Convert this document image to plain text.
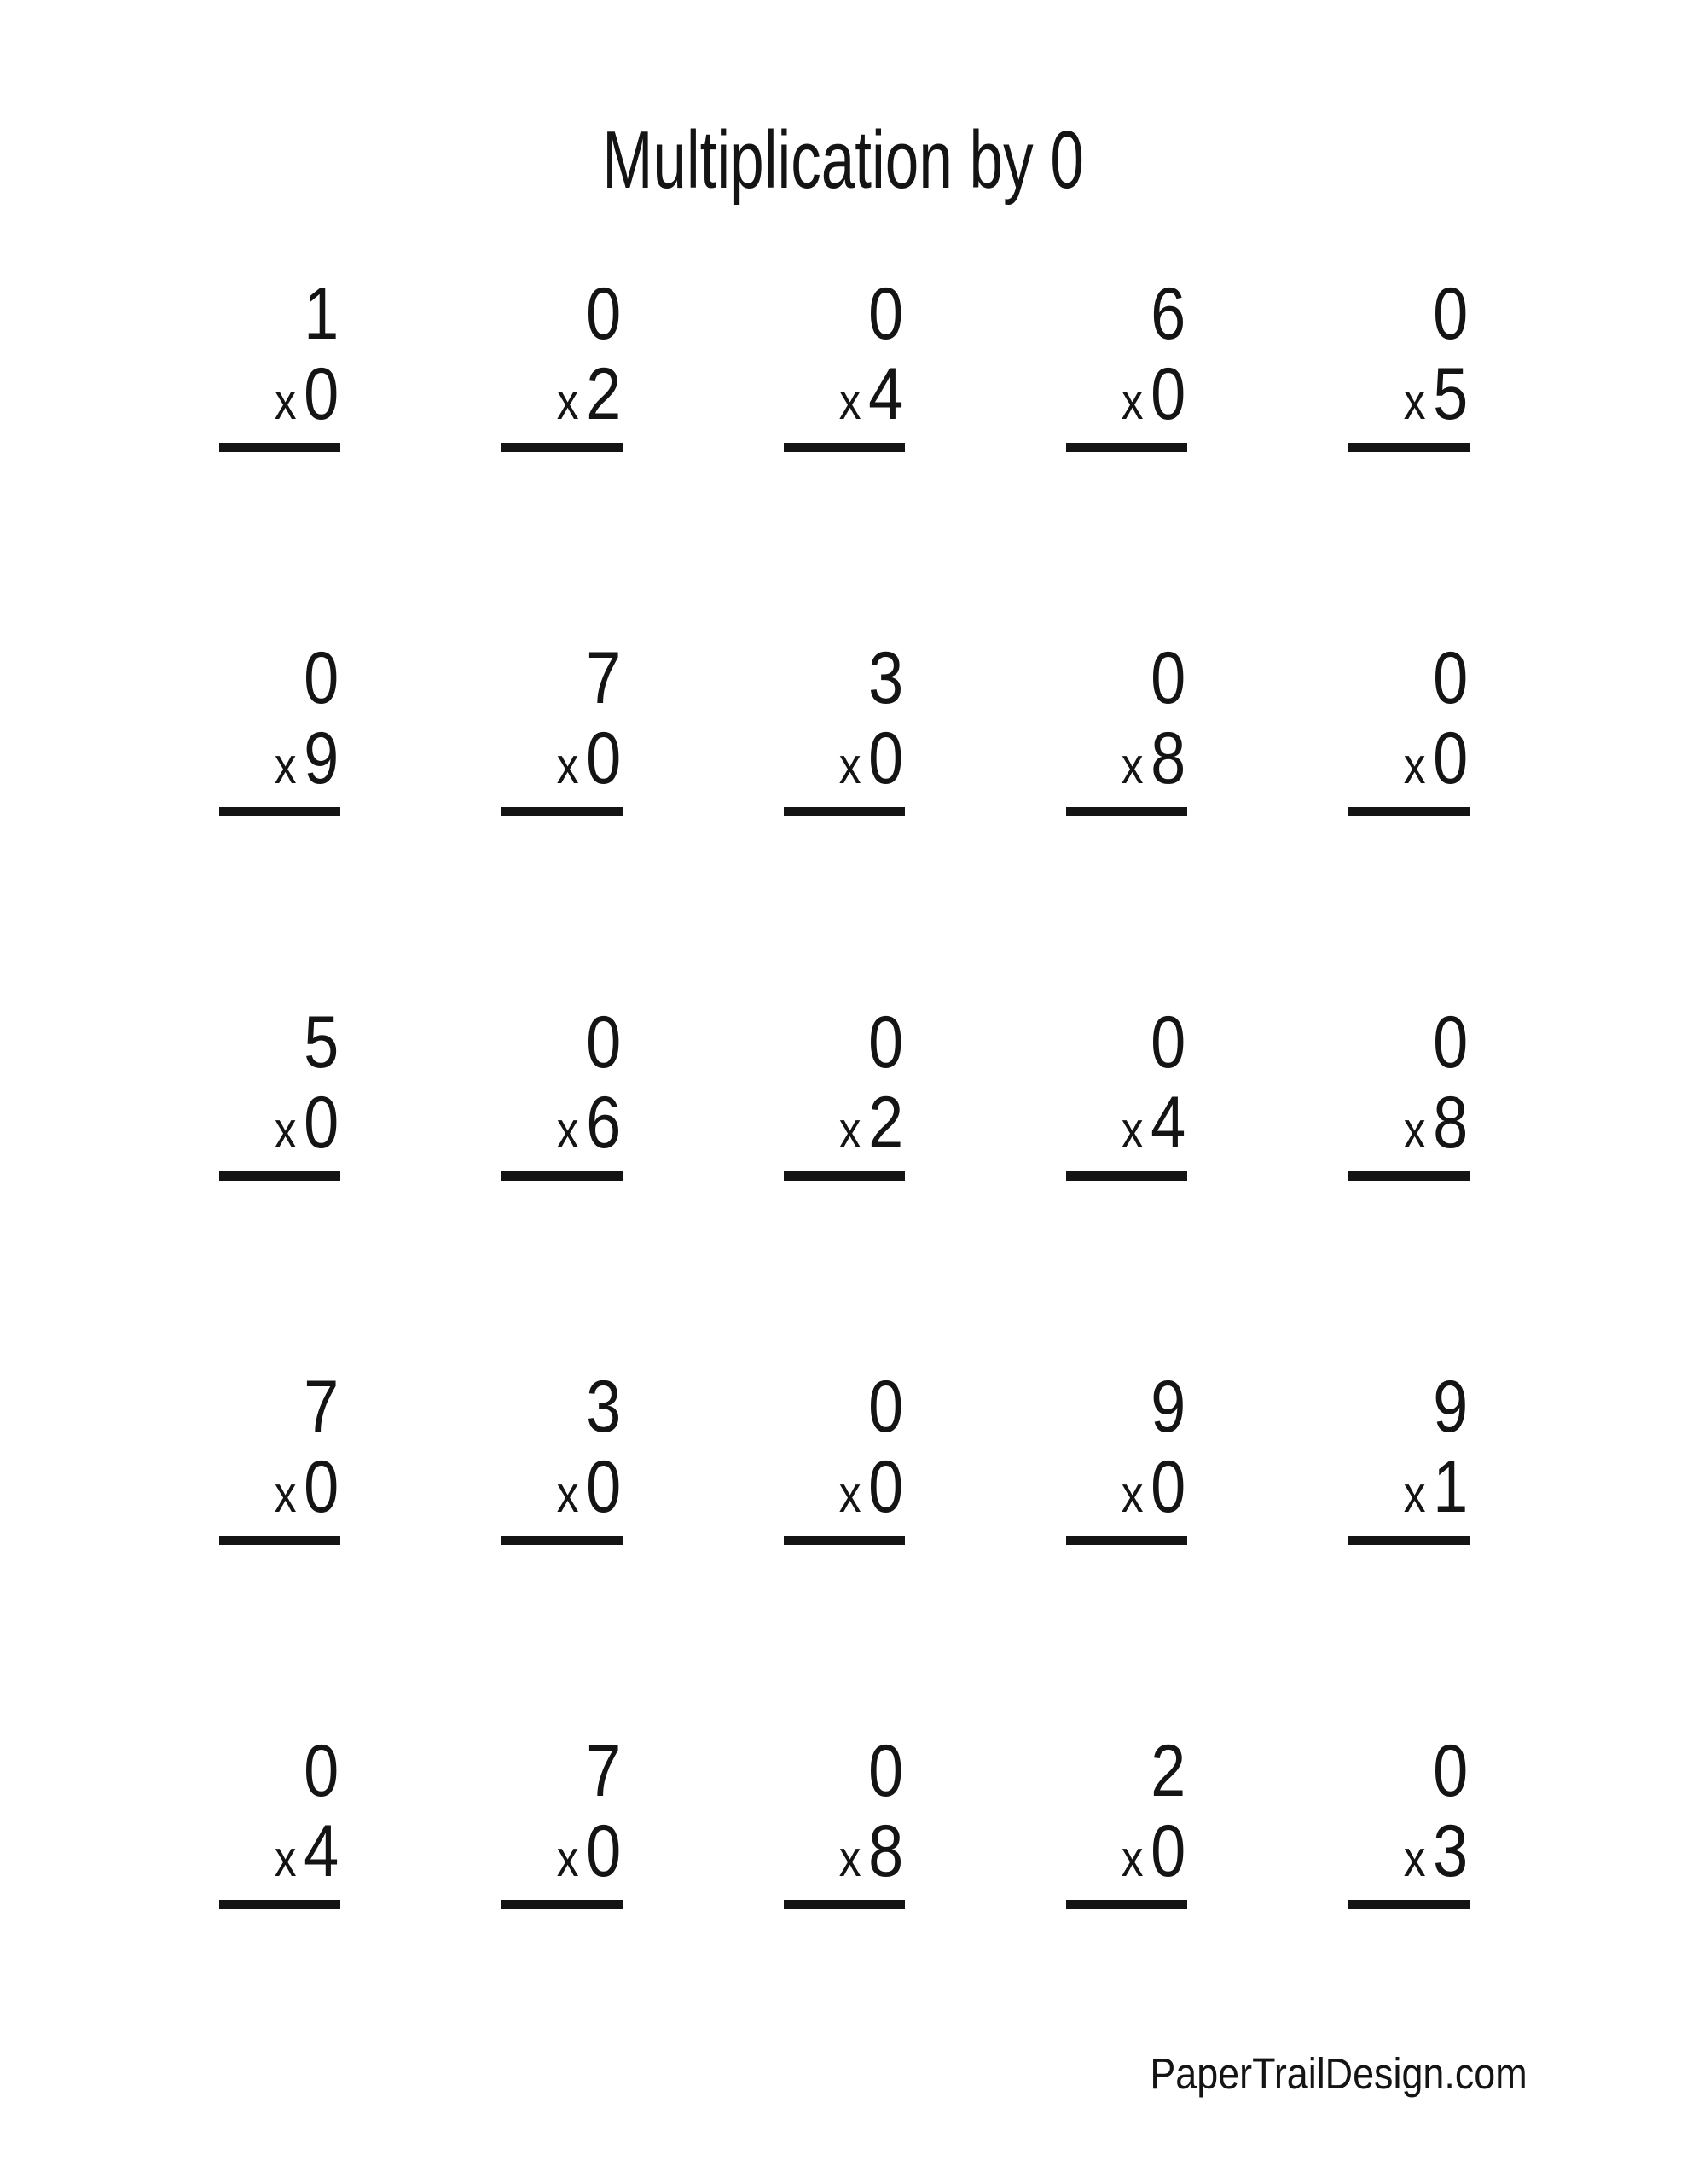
Multiplication by 0
1
x 0
0
x 2
0
x 4
6
x0
0
x5
0
x 9
7
x 0
3
x 0
0
x8
0
x0
5
x 0
0
x 6
0
x 2
0
x4
0
x8
7
x 0
3
x 0
0
x 0
9
x0
9
x1
0
x 4
7
x 0
0
x 8
2
x0
0
x3
PaperTrailDesign.com
